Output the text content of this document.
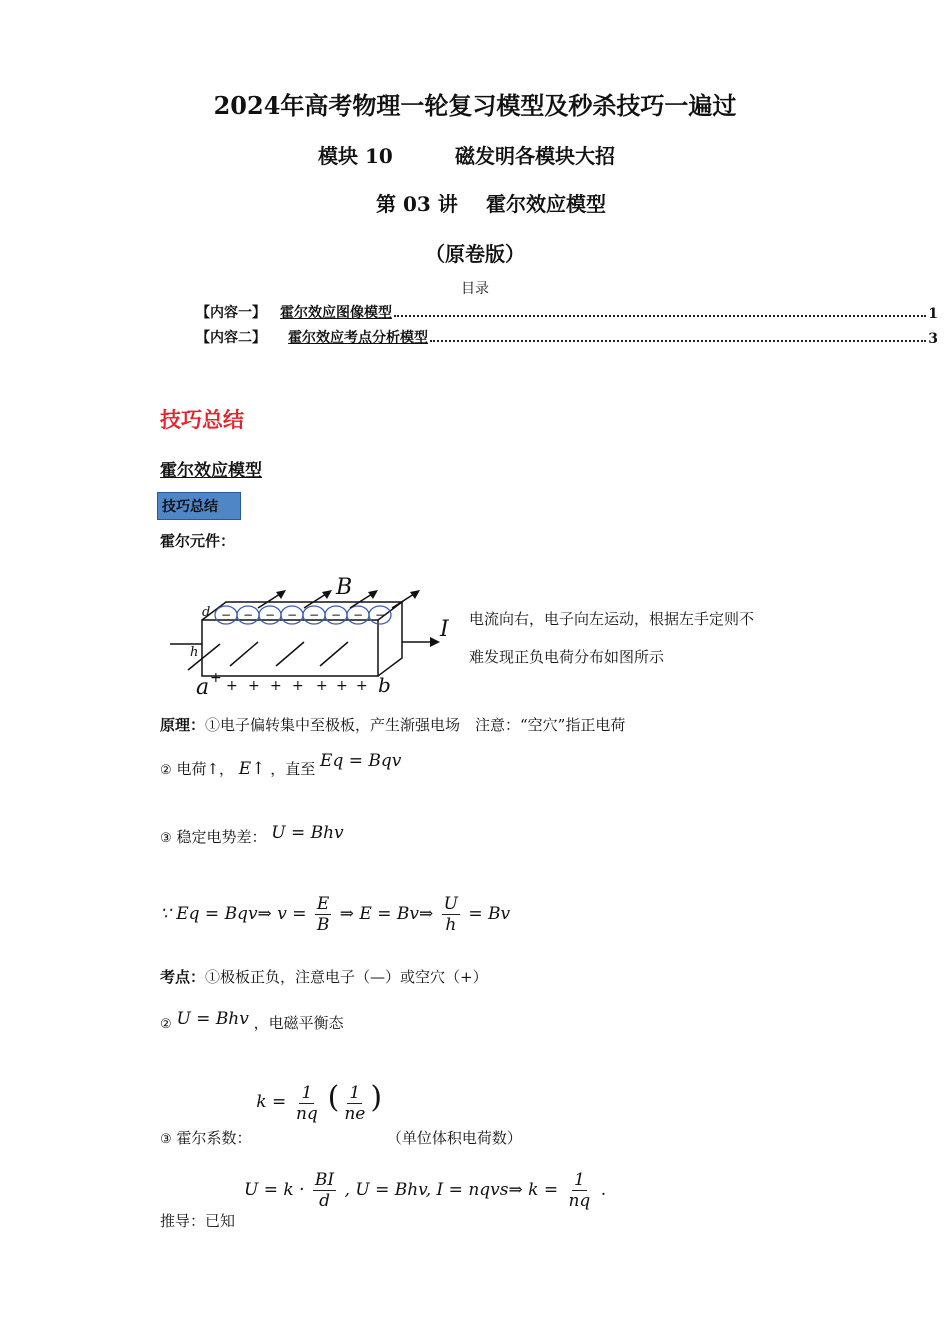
2024年高考物理一轮复习模型及秒杀技巧一遍过
模块 10	磁发明各模块大招
第 03 讲 霍尔效应模型
（原卷版）
目录
【内容一】 霍尔效应图像模型	1
【内容二】 霍尔效应考点分析模型	3
技巧总结
霍尔效应模型
技巧总结
霍尔元件：
− − − − − − − −
B
I
d
h
a	b
+ + + + + + + +
电流向右，电子向左运动，根据左手定则不
难发现正负电荷分布如图所示
原理：①电子偏转集中至极板，产生渐强电场　注意：“空穴”指正电荷
② 电荷↑， E↑ ，直至 Eq = Bqv
③ 稳定电势差： U = Bhv
∵ Eq = Bqv⇒ $v = \frac{E}{B}$ ⇒ E = Bv⇒ $\frac{U}{h} = Bv$
考点：①极板正负，注意电子（—）或空穴（+）
② U = Bhv ，电磁平衡态
③ 霍尔系数： $k = \frac{1}{nq}$ ( $\frac{1}{ne}$ ) （单位体积电荷数）
推导：已知
$U = k \cdot \frac{BI}{d}$ , U = Bhv, I = nqvs⇒ $k = \frac{1}{nq}$ .
